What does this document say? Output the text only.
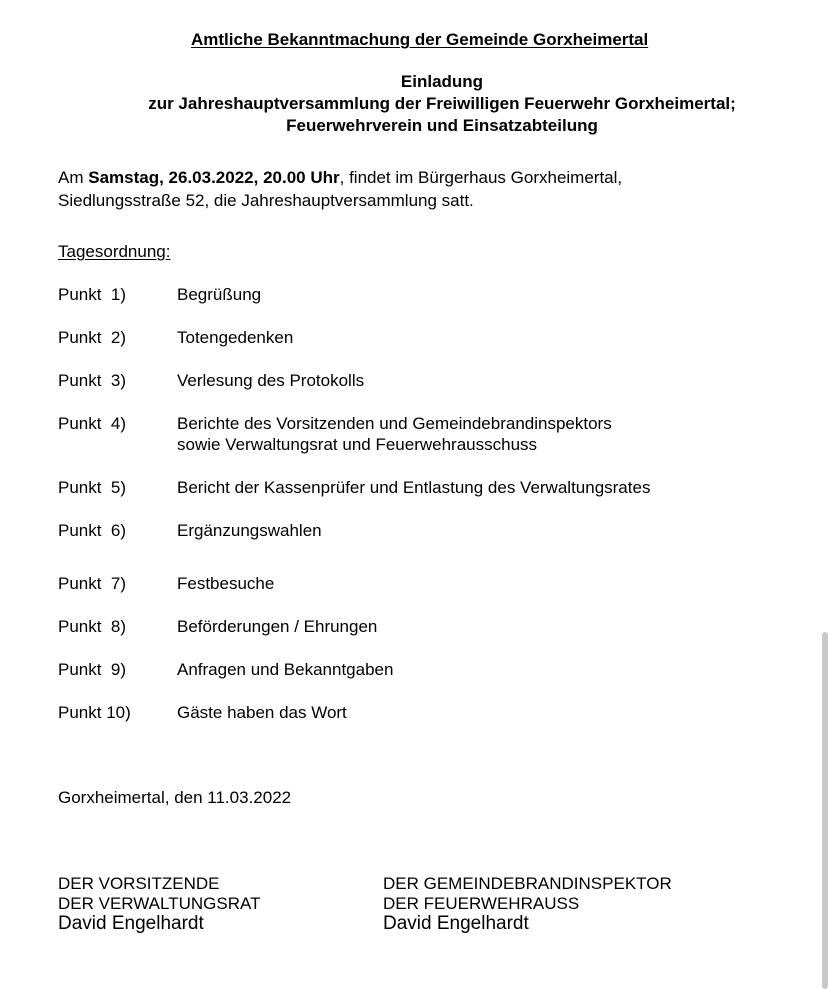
Amtliche Bekanntmachung der Gemeinde Gorxheimertal
Einladung
zur Jahreshauptversammlung der Freiwilligen Feuerwehr Gorxheimertal;
Feuerwehrverein und Einsatzabteilung
Am Samstag, 26.03.2022, 20.00 Uhr, findet im Bürgerhaus Gorxheimertal,
Siedlungsstraße 52, die Jahreshauptversammlung satt.
Tagesordnung:
Punkt  1)	Begrüßung
Punkt  2)	Totengedenken
Punkt  3)	Verlesung des Protokolls
Punkt  4)	Berichte des Vorsitzenden und Gemeindebrandinspektors
sowie Verwaltungsrat und Feuerwehrausschuss
Punkt  5)	Bericht der Kassenprüfer und Entlastung des Verwaltungsrates
Punkt  6)	Ergänzungswahlen
Punkt  7)	Festbesuche
Punkt  8)	Beförderungen / Ehrungen
Punkt  9)	Anfragen und Bekanntgaben
Punkt 10)	Gäste haben das Wort
Gorxheimertal, den 11.03.2022
DER VORSITZENDE
DER VERWALTUNGSRAT
David Engelhardt
DER GEMEINDEBRANDINSPEKTOR
DER FEUERWEHRAUSS
David Engelhardt
